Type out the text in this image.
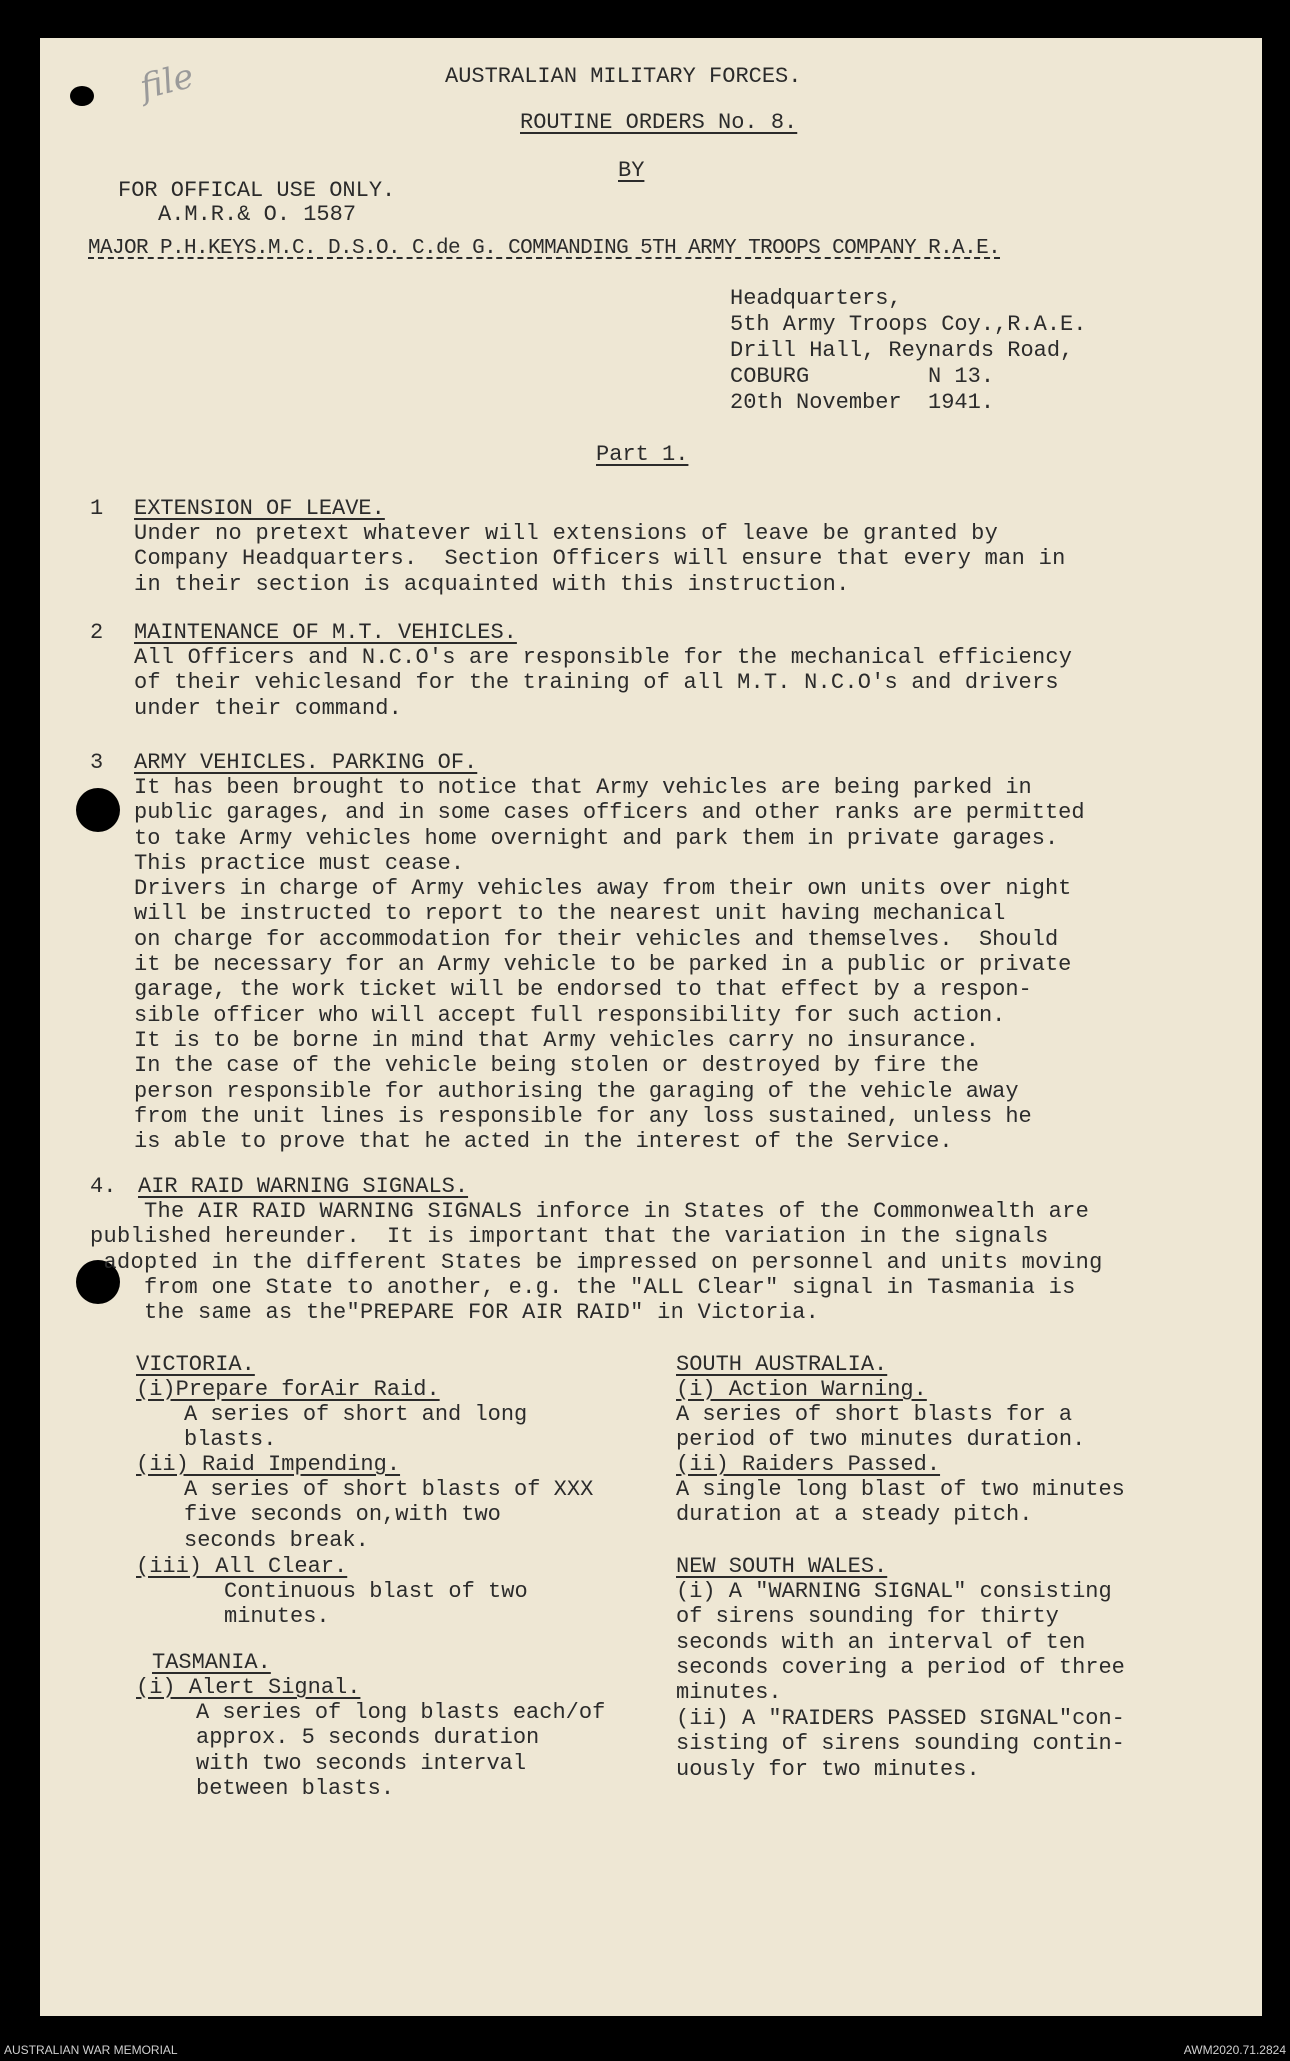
file	AUSTRALIAN MILITARY FORCES.
ROUTINE ORDERS No. 8.
BY
FOR OFFICAL USE ONLY.
A.M.R.& O. 1587
MAJOR P.H.KEYS.M.C. D.S.O. C.de G. COMMANDING 5TH ARMY TROOPS COMPANY R.A.E.
Headquarters,
5th Army Troops Coy.,R.A.E.
Drill Hall, Reynards Road,
COBURG         N 13.
20th November  1941.
Part 1.
1 EXTENSION OF LEAVE.
Under no pretext whatever will extensions of leave be granted by
Company Headquarters.  Section Officers will ensure that every man in
in their section is acquainted with this instruction.
2 MAINTENANCE OF M.T. VEHICLES.
All Officers and N.C.O's are responsible for the mechanical efficiency
of their vehiclesand for the training of all M.T. N.C.O's and drivers
under their command.
3 ARMY VEHICLES. PARKING OF.
It has been brought to notice that Army vehicles are being parked in
public garages, and in some cases officers and other ranks are permitted
to take Army vehicles home overnight and park them in private garages.
This practice must cease.
Drivers in charge of Army vehicles away from their own units over night
will be instructed to report to the nearest unit having mechanical
on charge for accommodation for their vehicles and themselves.  Should
it be necessary for an Army vehicle to be parked in a public or private
garage, the work ticket will be endorsed to that effect by a respon-
sible officer who will accept full responsibility for such action.
It is to be borne in mind that Army vehicles carry no insurance.
In the case of the vehicle being stolen or destroyed by fire the
person responsible for authorising the garaging of the vehicle away
from the unit lines is responsible for any loss sustained, unless he
is able to prove that he acted in the interest of the Service.
4. AIR RAID WARNING SIGNALS.
The AIR RAID WARNING SIGNALS inforce in States of the Commonwealth are
published hereunder.  It is important that the variation in the signals
adopted in the different States be impressed on personnel and units moving
from one State to another, e.g. the "ALL Clear" signal in Tasmania is
the same as the"PREPARE FOR AIR RAID" in Victoria.
VICTORIA.
(i)Prepare forAir Raid.
A series of short and long
blasts.
(ii) Raid Impending.
A series of short blasts of XXX
five seconds on,with two
seconds break.
(iii) All Clear.
Continuous blast of two
minutes.
TASMANIA.
(i) Alert Signal.
A series of long blasts each/of
approx. 5 seconds duration
with two seconds interval
between blasts.
SOUTH AUSTRALIA.
(i) Action Warning.
A series of short blasts for a
period of two minutes duration.
(ii) Raiders Passed.
A single long blast of two minutes
duration at a steady pitch.
NEW SOUTH WALES.
(i) A "WARNING SIGNAL" consisting
of sirens sounding for thirty
seconds with an interval of ten
seconds covering a period of three
minutes.
(ii) A "RAIDERS PASSED SIGNAL"con-
sisting of sirens sounding contin-
uously for two minutes.
AUSTRALIAN WAR MEMORIAL	AWM2020.71.2824
